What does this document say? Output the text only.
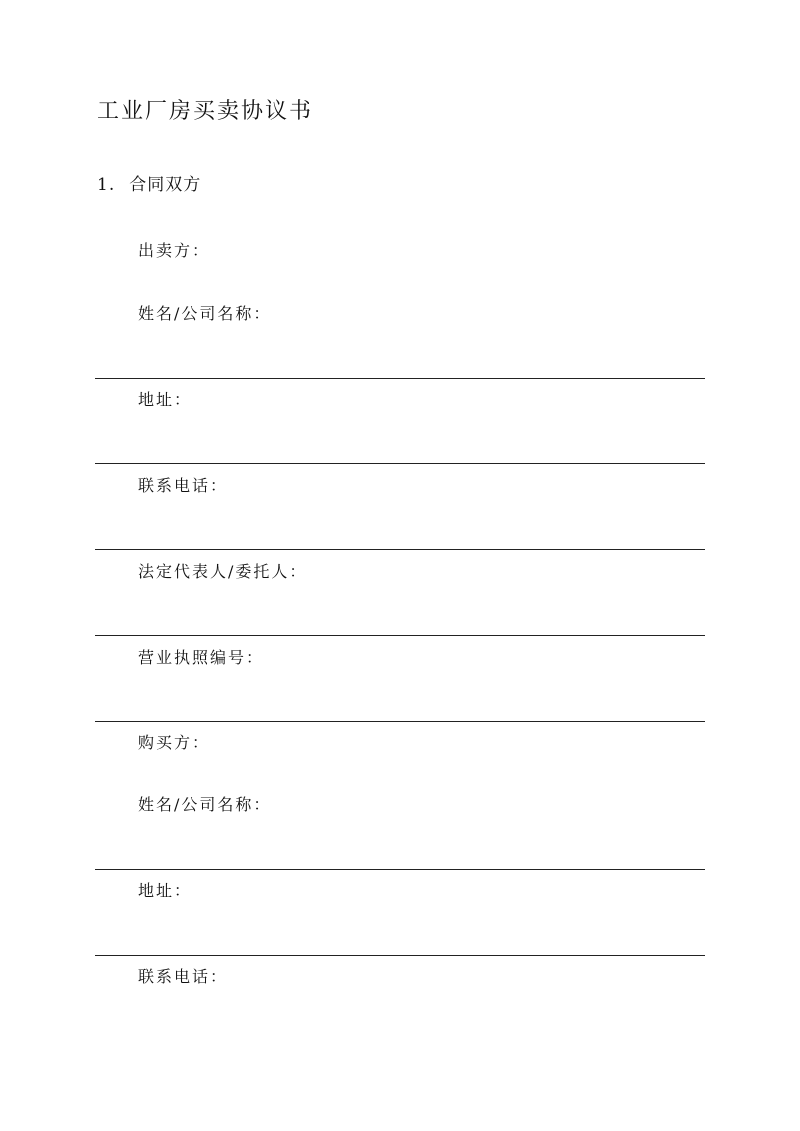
工业厂房买卖协议书
1. 合同双方
出卖方：
姓名/公司名称：
地址：
联系电话：
法定代表人/委托人：
营业执照编号：
购买方：
姓名/公司名称：
地址：
联系电话：
